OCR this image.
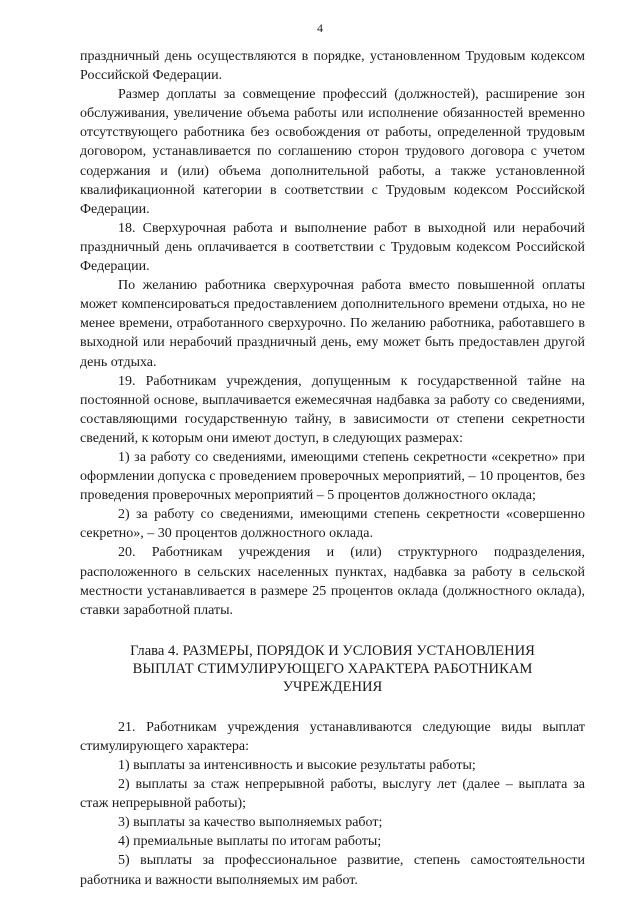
4

праздничный день осуществляются в порядке, установленном Трудовым кодексом Российской Федерации.

Размер доплаты за совмещение профессий (должностей), расширение зон обслуживания, увеличение объема работы или исполнение обязанностей временно отсутствующего работника без освобождения от работы, определенной трудовым договором, устанавливается по соглашению сторон трудового договора с учетом содержания и (или) объема дополнительной работы, а также установленной квалификационной категории в соответствии с Трудовым кодексом Российской Федерации.

18. Сверхурочная работа и выполнение работ в выходной или нерабочий праздничный день оплачивается в соответствии с Трудовым кодексом Российской Федерации.

По желанию работника сверхурочная работа вместо повышенной оплаты может компенсироваться предоставлением дополнительного времени отдыха, но не менее времени, отработанного сверхурочно. По желанию работника, работавшего в выходной или нерабочий праздничный день, ему может быть предоставлен другой день отдыха.

19. Работникам учреждения, допущенным к государственной тайне на постоянной основе, выплачивается ежемесячная надбавка за работу со сведениями, составляющими государственную тайну, в зависимости от степени секретности сведений, к которым они имеют доступ, в следующих размерах:

1) за работу со сведениями, имеющими степень секретности «секретно» при оформлении допуска с проведением проверочных мероприятий, – 10 процентов, без проведения проверочных мероприятий – 5 процентов должностного оклада;

2) за работу со сведениями, имеющими степень секретности «совершенно секретно», – 30 процентов должностного оклада.

20. Работникам учреждения и (или) структурного подразделения, расположенного в сельских населенных пунктах, надбавка за работу в сельской местности устанавливается в размере 25 процентов оклада (должностного оклада), ставки заработной платы.

Глава 4. РАЗМЕРЫ, ПОРЯДОК И УСЛОВИЯ УСТАНОВЛЕНИЯ

ВЫПЛАТ СТИМУЛИРУЮЩЕГО ХАРАКТЕРА РАБОТНИКАМ

УЧРЕЖДЕНИЯ

21. Работникам учреждения устанавливаются следующие виды выплат стимулирующего характера:

1) выплаты за интенсивность и высокие результаты работы;

2) выплаты за стаж непрерывной работы, выслугу лет (далее – выплата за стаж непрерывной работы);

3) выплаты за качество выполняемых работ;

4) премиальные выплаты по итогам работы;

5) выплаты за профессиональное развитие, степень самостоятельности работника и важности выполняемых им работ.
